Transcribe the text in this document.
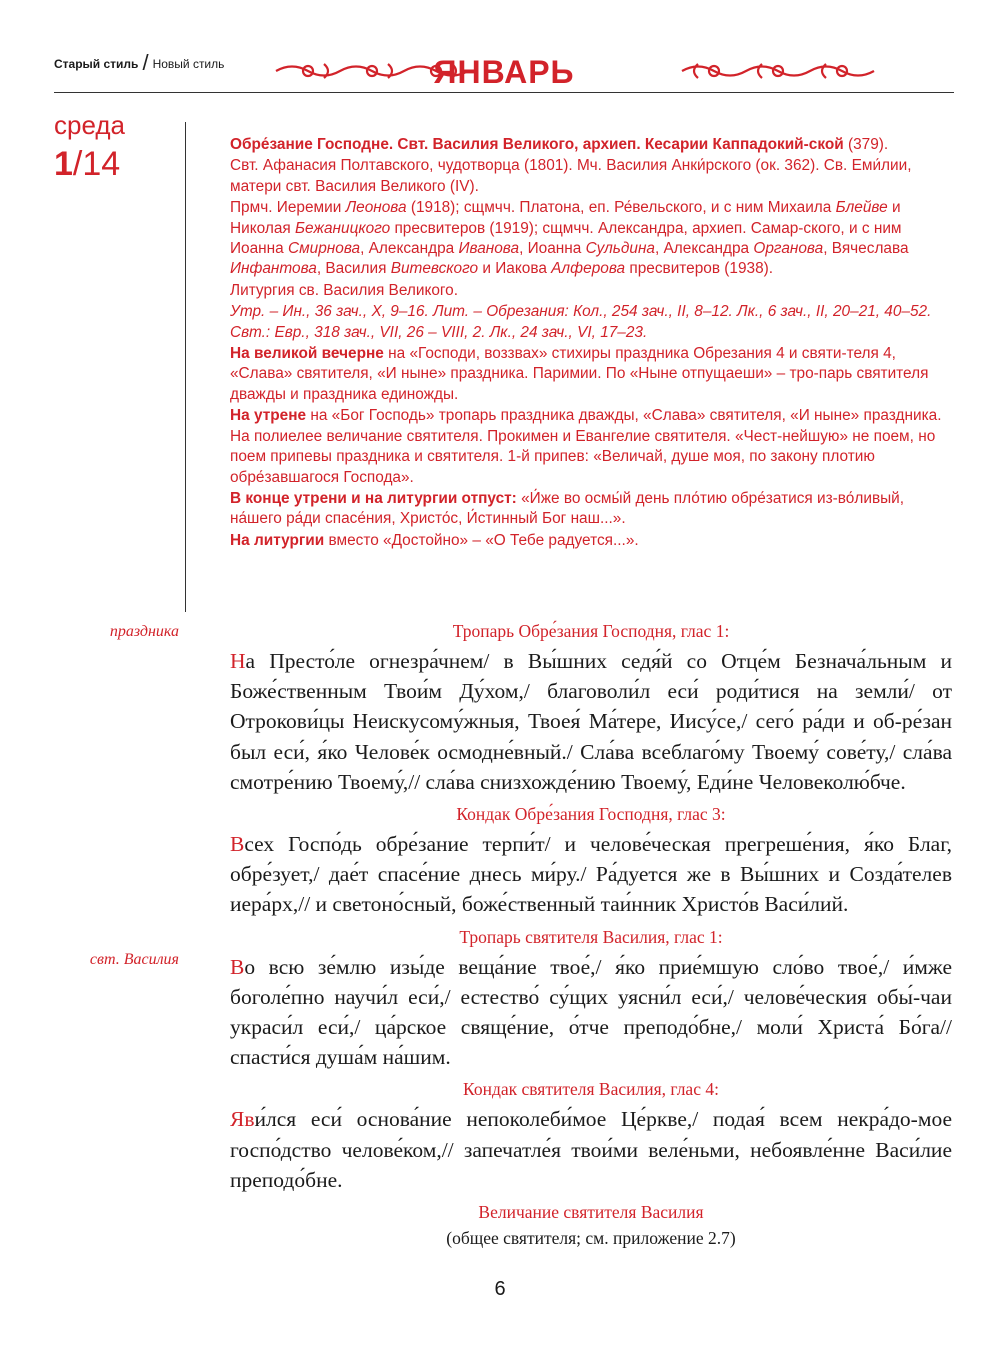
Старый стиль / Новый стиль	ЯНВАРЬ
среда
1/14

Обре́зание Господне. Свт. Василия Великого, архиеп. Кесарии Каппадокий-ской (379).

Свт. Афанасия Полтавского, чудотворца (1801). Мч. Василия Анки́рского (ок. 362). Св. Еми́лии, матери свт. Василия Великого (IV).

Прмч. Иеремии Леонова (1918); сщмчч. Платона, еп. Ре́вельского, и с ним Михаила Блейве и Николая Бежаницкого пресвитеров (1919); сщмчч. Александра, архиеп. Самар-ского, и с ним Иоанна Смирнова, Александра Иванова, Иоанна Сульдина, Александра Органова, Вячеслава Инфантова, Василия Витевского и Иакова Алферова пресвитеров (1938).

Литургия св. Василия Великого.

Утр. – Ин., 36 зач., X, 9–16. Лит. – Обрезания: Кол., 254 зач., II, 8–12. Лк., 6 зач., II, 20–21, 40–52. Свт.: Евр., 318 зач., VII, 26 – VIII, 2. Лк., 24 зач., VI, 17–23.

На великой вечерне на «Господи, воззвах» стихиры праздника Обрезания 4 и святи-теля 4, «Слава» святителя, «И ныне» праздника. Паримии. По «Ныне отпущаеши» – тро-парь святителя дважды и праздника единожды.

На утрене на «Бог Господь» тропарь праздника дважды, «Слава» святителя, «И ныне» праздника. На полиелее величание святителя. Прокимен и Евангелие святителя. «Чест-нейшую» не поем, но поем припевы праздника и святителя. 1-й припев: «Величай, душе моя, по закону плотию обре́завшагося Господа».

В конце утрени и на литургии отпуст: «И́же во осмы́й день пло́тию обре́затися из-во́ливый, на́шего ра́ди спасе́ния, Христо́с, И́стинный Бог наш...».

На литургии вместо «Достойно» – «О Тебе радуется...».

праздника
свт. Василия
Тропарь Обре́зания Господня, глас 1:
На Престо́ле огнезра́чнем/ в Вы́шних седя́й со Отце́м Безнача́льным и Боже́ственным Твои́м Ду́хом,/ благоволи́л еси́ роди́тися на земли́/ от Отрокови́цы Неискусому́жныя, Твоея́ Ма́тере, Иису́се,/ сего́ ра́ди и об-ре́зан был еси́, я́ко Челове́к осмодне́вный./ Сла́ва всеблаго́му Твоему́ сове́ту,/ сла́ва смотре́нию Твоему́,// сла́ва снизхожде́нию Твоему́, Еди́не Человеколю́бче.
Кондак Обре́зания Господня, глас 3:
Всех Госпо́дь обре́зание терпи́т/ и челове́ческая прегреше́ния, я́ко Благ, обре́зует,/ дае́т спасе́ние днесь ми́ру./ Ра́дуется же в Вы́шних и Созда́телев иера́рх,// и светоно́сный, боже́ственный таи́нник Христо́в Васи́лий.
Тропарь святителя Василия, глас 1:
Во всю зе́млю изы́де веща́ние твое́,/ я́ко прие́мшую сло́во твое́,/ и́мже боголе́пно научи́л еси́,/ естество́ су́щих уясни́л еси́,/ челове́ческия обы́-чаи украси́л еси́,/ ца́рское свяще́ние, о́тче преподо́бне,/ моли́ Христа́ Бо́га// спасти́ся душа́м на́шим.
Кондак святителя Василия, глас 4:
Яви́лся еси́ основа́ние непоколеби́мое Це́ркве,/ подая́ всем некра́до-мое госпо́дство челове́ком,// запечатле́я твои́ми веле́ньми, небоявле́нне Васи́лие преподо́бне.
Величание святителя Василия
(общее святителя; см. приложение 2.7)
6
